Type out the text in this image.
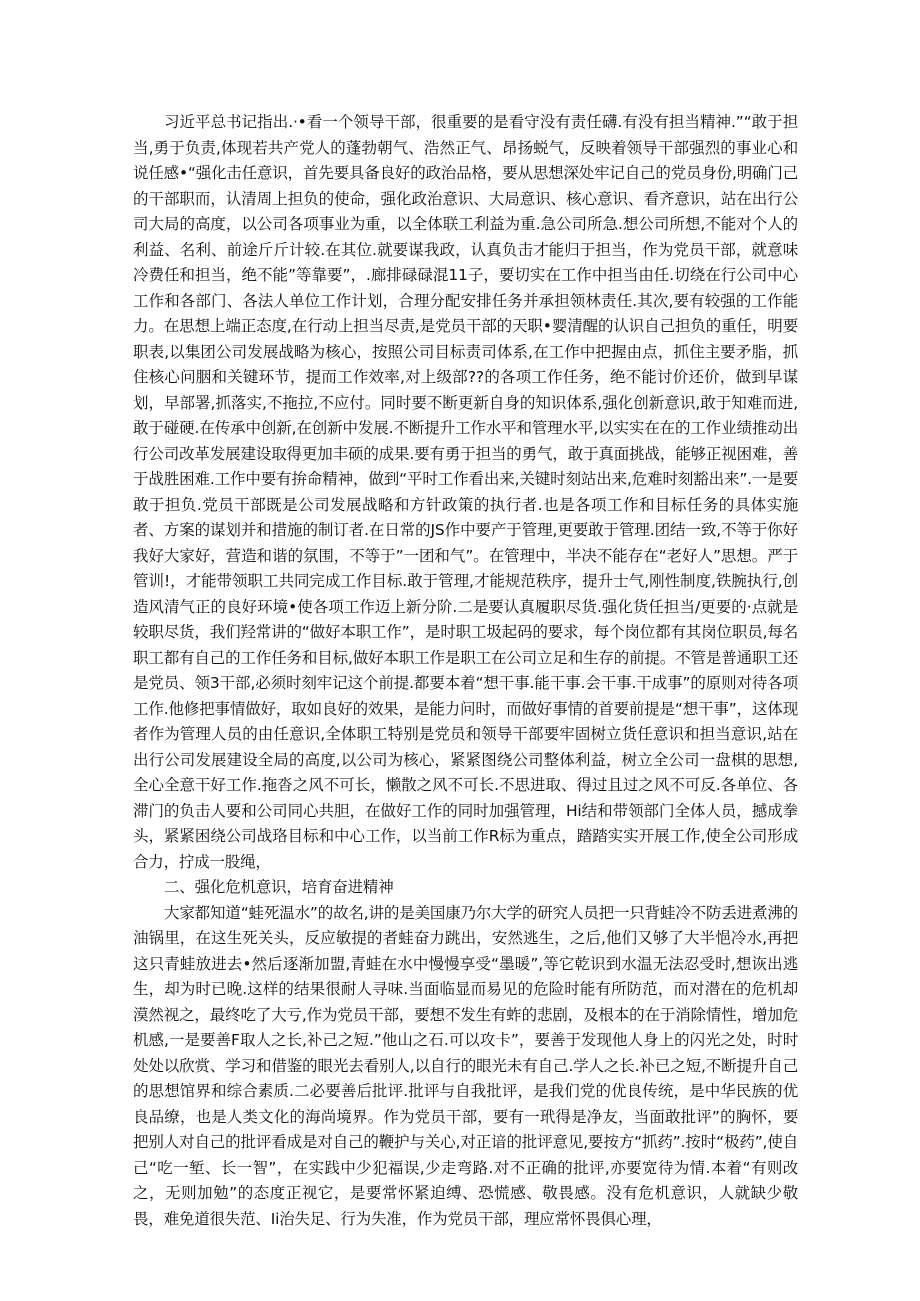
习近平总书记指出.·•看一个领导干部，很重要的是看守没有责任礴.有没有担当精神.”“敢于担当,勇于负责,体现若共产党人的蓬勃朝气、浩然正气、昂扬蜕气，反映着领导干部强烈的事业心和说任感•“强化击任意识，首先要具备良好的政治品格，要从思想深处牢记自己的党员身份,明确门己的干部职而，认清周上担负的使命，强化政治意识、大局意识、核心意识、看齐意识，站在出行公司大局的高度，以公司各项事业为重，以全体联工利益为重.急公司所急.想公司所想,不能对个人的利益、名利、前途斤斤计较.在其位.就要谋我政，认真负击才能归于担当，作为党员干部，就意味冷费任和担当，绝不能”等靠要”，.廊排碌碌混11子，要切实在工作中担当由任.切绕在行公司中心工作和各部门、各法人单位工作计划，合理分配安排任务并承担领林责任.其次,要有较强的工作能力。在思想上端正态度,在行动上担当尽责,是党员干部的天职•婴清醒的认识自己担负的重任，明要职表,以集团公司发展战略为核心，按照公司目标责司体系,在工作中把握由点，抓住主要矛脂，抓住核心问胭和关键环节，提而工作效率,对上级部??的各项工作任务，绝不能讨价还价，做到早谋划，早部署,抓落实,不拖拉,不应付。同时要不断更新自身的知识体系,强化创新意识,敢于知难而进,敢于碰硬.在传承中创新,在创新中发展.不断提升工作水平和管理水平,以实实在在的工作业绩推动出行公司改革发展建设取得更加丰硕的成果.要有勇于担当的勇气，敢于真面挑战，能够正视困难，善于战胜困难.工作中要有拚命精神，做到“平时工作看出来,关键时刻站出来,危难时刻豁出来”.一是要敢于担负.党员干部既是公司发展战略和方针政策的执行者.也是各项工作和目标任务的具体实施者、方案的谋划并和措施的制订者.在日常的JS作中要产于管理,更要敢于管理.团结一致,不等于你好我好大家好，营造和谐的氛围，不等于”一团和气”。在管理中，半决不能存在“老好人”思想。严于管训!，才能带领职工共同完成工作目标.敢于管理,才能规范秩序，提升士气,刚性制度,铁腕执行,创造风清气正的良好环境•使各项工作迈上新分阶.二是要认真履职尽货.强化货任担当/更要的·点就是较职尽货，我们羟常讲的“做好本职工作”，是时职工圾起码的要求，每个岗位都有其岗位职员,每名职工都有自己的工作任务和目标,做好本职工作是职工在公司立足和生存的前提。不管是普通职工还是党员、领3干部,必须时刻牢记这个前提.都要本着“想干事.能干事.会干事.干成事”的原则对待各项工作.他修把事情做好，取如良好的效果，是能力问时，而做好事情的首要前提是“想干事”，这体现者作为管理人员的由任意识,全体职工特别是党员和领导干部要牢固树立货任意识和担当意识,站在出行公司发展建设全局的高度,以公司为核心，紧紧图绕公司整体利益，树立全公司一盘棋的思想,全心全意干好工作.拖沓之风不可长，懒散之风不可长.不思进取、得过且过之风不可反.各单位、各滞门的负击人要和公司同心共胆，在做好工作的同时加强管理，Hi结和带领部门全体人员，撼成拳头，紧紧困绕公司战珞目标和中心工作，以当前工作R标为重点，踏踏实实开展工作,使全公司形成合力，拧成一股绳，

二、强化危机意识，培育奋进精神

大家都知道“蛙死温水”的故名,讲的是美国康乃尔大学的研究人员把一只背蛙冷不防丢进煮沸的油锅里，在这生死关头，反应敏提的者蛙奋力跳出，安然逃生，之后,他们又够了大半悒冷水,再把这只青蛙放进去•然后逐渐加盟,青蛙在水中慢慢享受“墨暖”,等它乾识到水温无法忍受时,想诙出逃生，却为时已晚.这样的结果很耐人寻味.当面临显而易见的危险时能有所防范，而对潜在的危机却漠然视之，最终吃了大亏,作为党员干部，要想不发生有蚱的悲剧，及根本的在于消除情性，增加危机感,一是要善F取人之长,补己之短.”他山之石.可以攻卡”，要善于发现他人身上的闪光之处，时时处处以欣赏、学习和借鉴的眼光去看别人,以自行的眼光未有自己.学人之长.补已之短,不断提升自己的思想馆界和综合素质.二必要善后批评.批评与自我批评，是我们党的优良传统，是中华民族的优良品缭，也是人类文化的海尚境界。作为党员干部，要有一玳得是净友，当面敢批评”的胸怀，要把别人对自己的批评看成是对自己的鞭护与关心,对正谙的批评意见,要按方“抓药”.按时“极药”,使自己“吃一堑、长一智”，在实践中少犯福误,少走弯路.对不正确的批评,亦要宽待为情.本着“有则改之，无则加勉”的态度正视它，是要常怀紧迫缚、恐慌感、敬畏感。没有危机意识，人就缺少敬畏，难免道很失范、Ii治失足、行为失准，作为党员干部，理应常怀畏俱心理，
